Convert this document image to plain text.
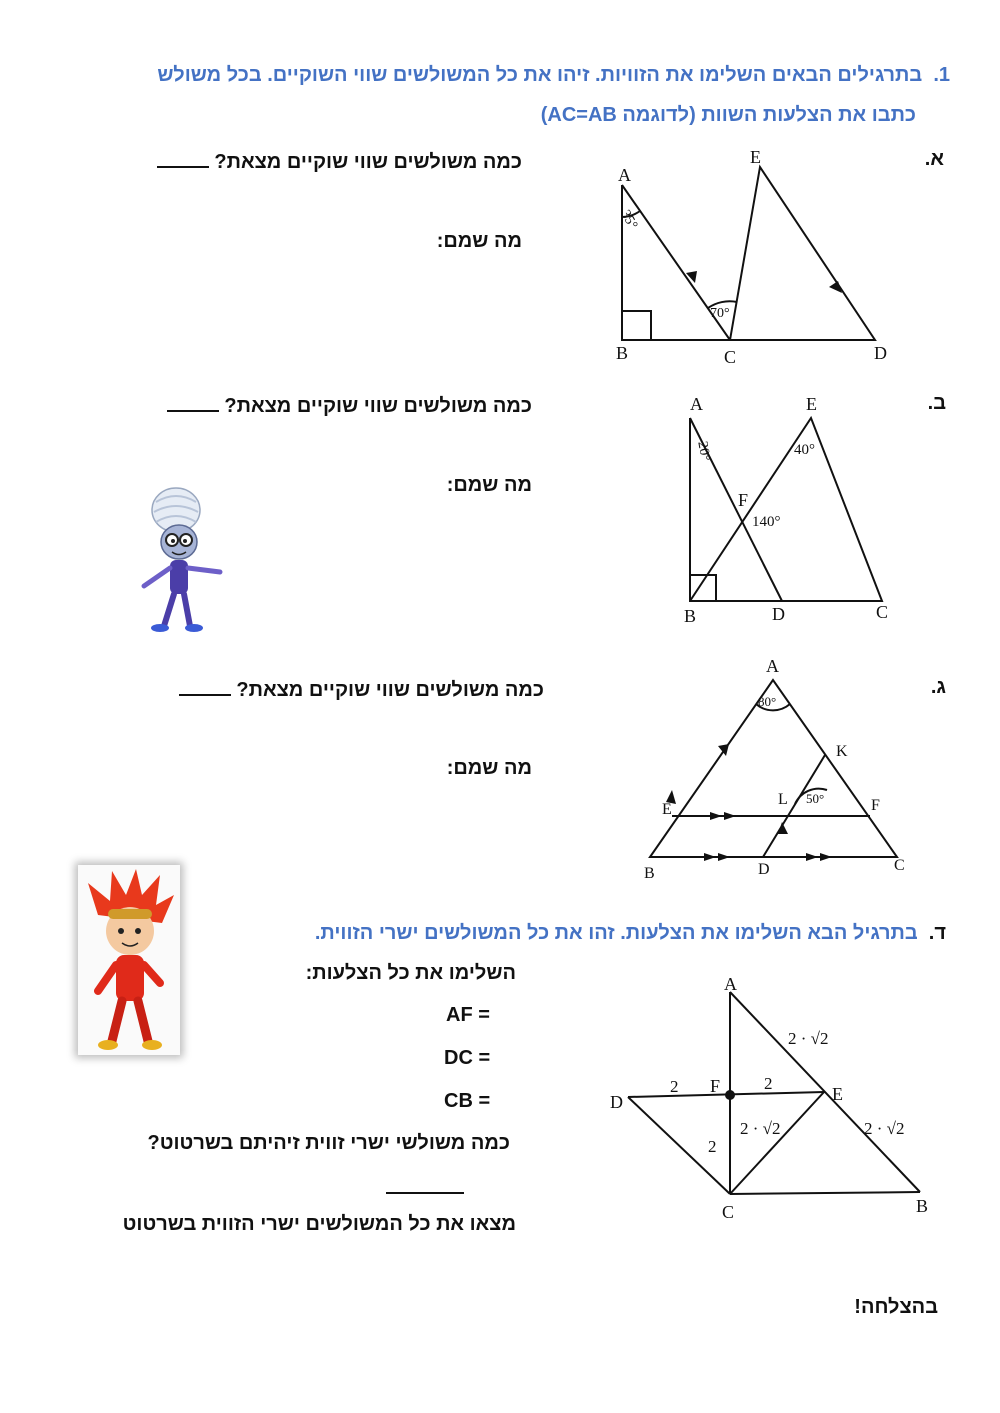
1.  בתרגילים הבאים השלימו את הזוויות. זיהו את כל המשולשים שווי השוקיים. בכל משולש
כתבו את הצלעות השוות (לדוגמה AC=AB)
א.
כמה משולשים שווי שוקיים מצאת?
מה שמם:
A
B	C	D
E
35°
70°
ב.
כמה משולשים שווי שוקיים מצאת?
מה שמם:
A
B	C
D
E
F
20°	40°
140°
ג.
כמה משולשים שווי שוקיים מצאת?
מה שמם:
A
B	C
D
E	F
K
L
80°
50°
ד.  בתרגיל הבא השלימו את הצלעות. זהו את כל המשולשים ישרי הזווית.
השלימו את כל הצלעות:
AF =
DC =
CB =
כמה משולשי ישרי זווית זיהיתם בשרטוט?
מצאו את כל המשולשים ישרי הזווית בשרטוט
A
B
C
D	E
F
2	2
2
2 · √2
2 · √2	2 · √2
בהצלחה!
